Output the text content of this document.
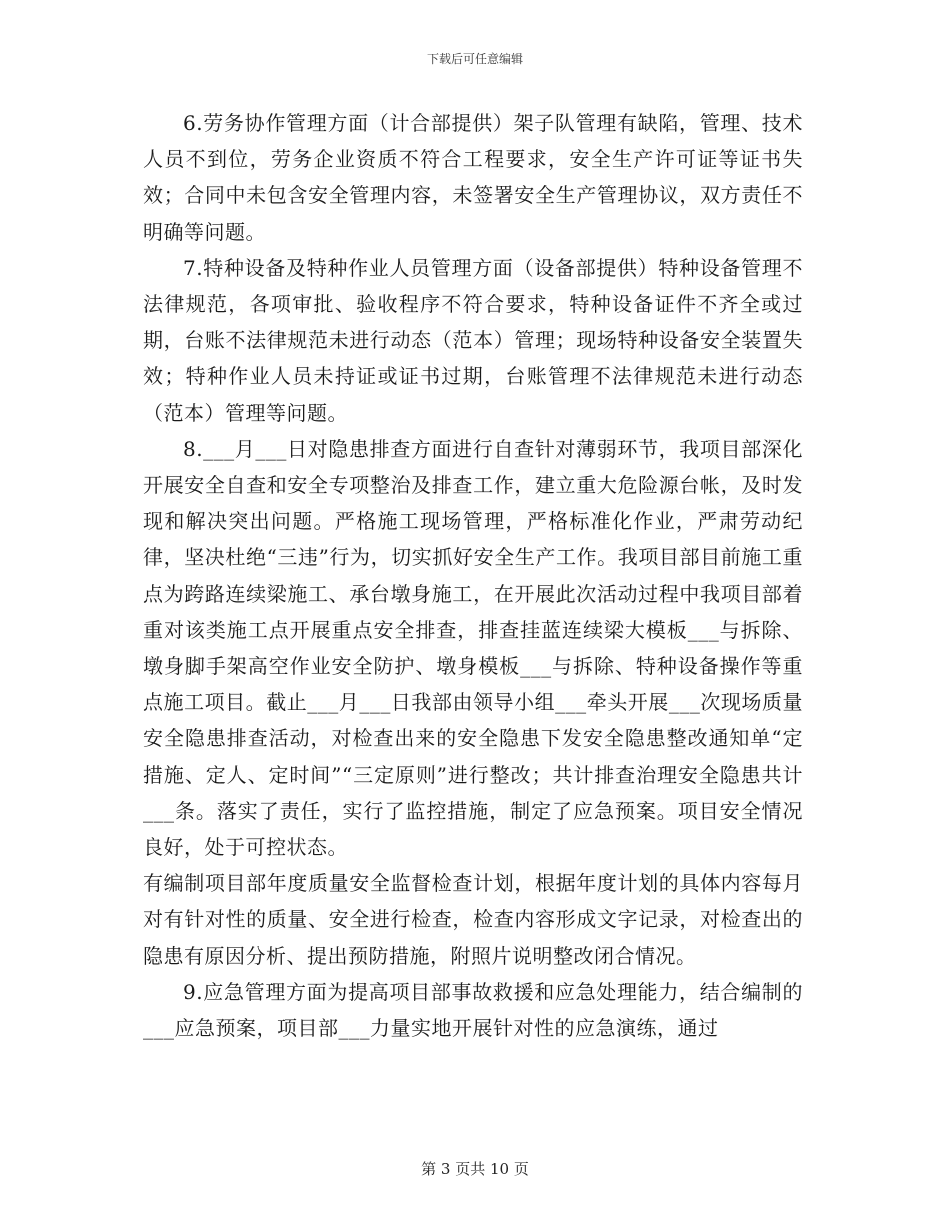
下载后可任意编辑

6.劳务协作管理方面（计合部提供）架子队管理有缺陷，管理、技术人员不到位，劳务企业资质不符合工程要求，安全生产许可证等证书失效；合同中未包含安全管理内容，未签署安全生产管理协议，双方责任不明确等问题。

7.特种设备及特种作业人员管理方面（设备部提供）特种设备管理不法律规范，各项审批、验收程序不符合要求，特种设备证件不齐全或过期，台账不法律规范未进行动态（范本）管理；现场特种设备安全装置失效；特种作业人员未持证或证书过期，台账管理不法律规范未进行动态（范本）管理等问题。

8.___月___日对隐患排查方面进行自查针对薄弱环节，我项目部深化开展安全自查和安全专项整治及排查工作，建立重大危险源台帐，及时发现和解决突出问题。严格施工现场管理，严格标准化作业，严肃劳动纪律，坚决杜绝“三违”行为，切实抓好安全生产工作。我项目部目前施工重点为跨路连续梁施工、承台墩身施工，在开展此次活动过程中我项目部着重对该类施工点开展重点安全排查，排查挂蓝连续梁大模板___与拆除、墩身脚手架高空作业安全防护、墩身模板___与拆除、特种设备操作等重点施工项目。截止___月___日我部由领导小组___牵头开展___次现场质量安全隐患排查活动，对检查出来的安全隐患下发安全隐患整改通知单“定措施、定人、定时间”“三定原则”进行整改；共计排查治理安全隐患共计___条。落实了责任，实行了监控措施，制定了应急预案。项目安全情况良好，处于可控状态。

有编制项目部年度质量安全监督检查计划，根据年度计划的具体内容每月对有针对性的质量、安全进行检查，检查内容形成文字记录，对检查出的隐患有原因分析、提出预防措施，附照片说明整改闭合情况。

9.应急管理方面为提高项目部事故救援和应急处理能力，结合编制的___应急预案，项目部___力量实地开展针对性的应急演练，通过

第 3 页共 10 页
